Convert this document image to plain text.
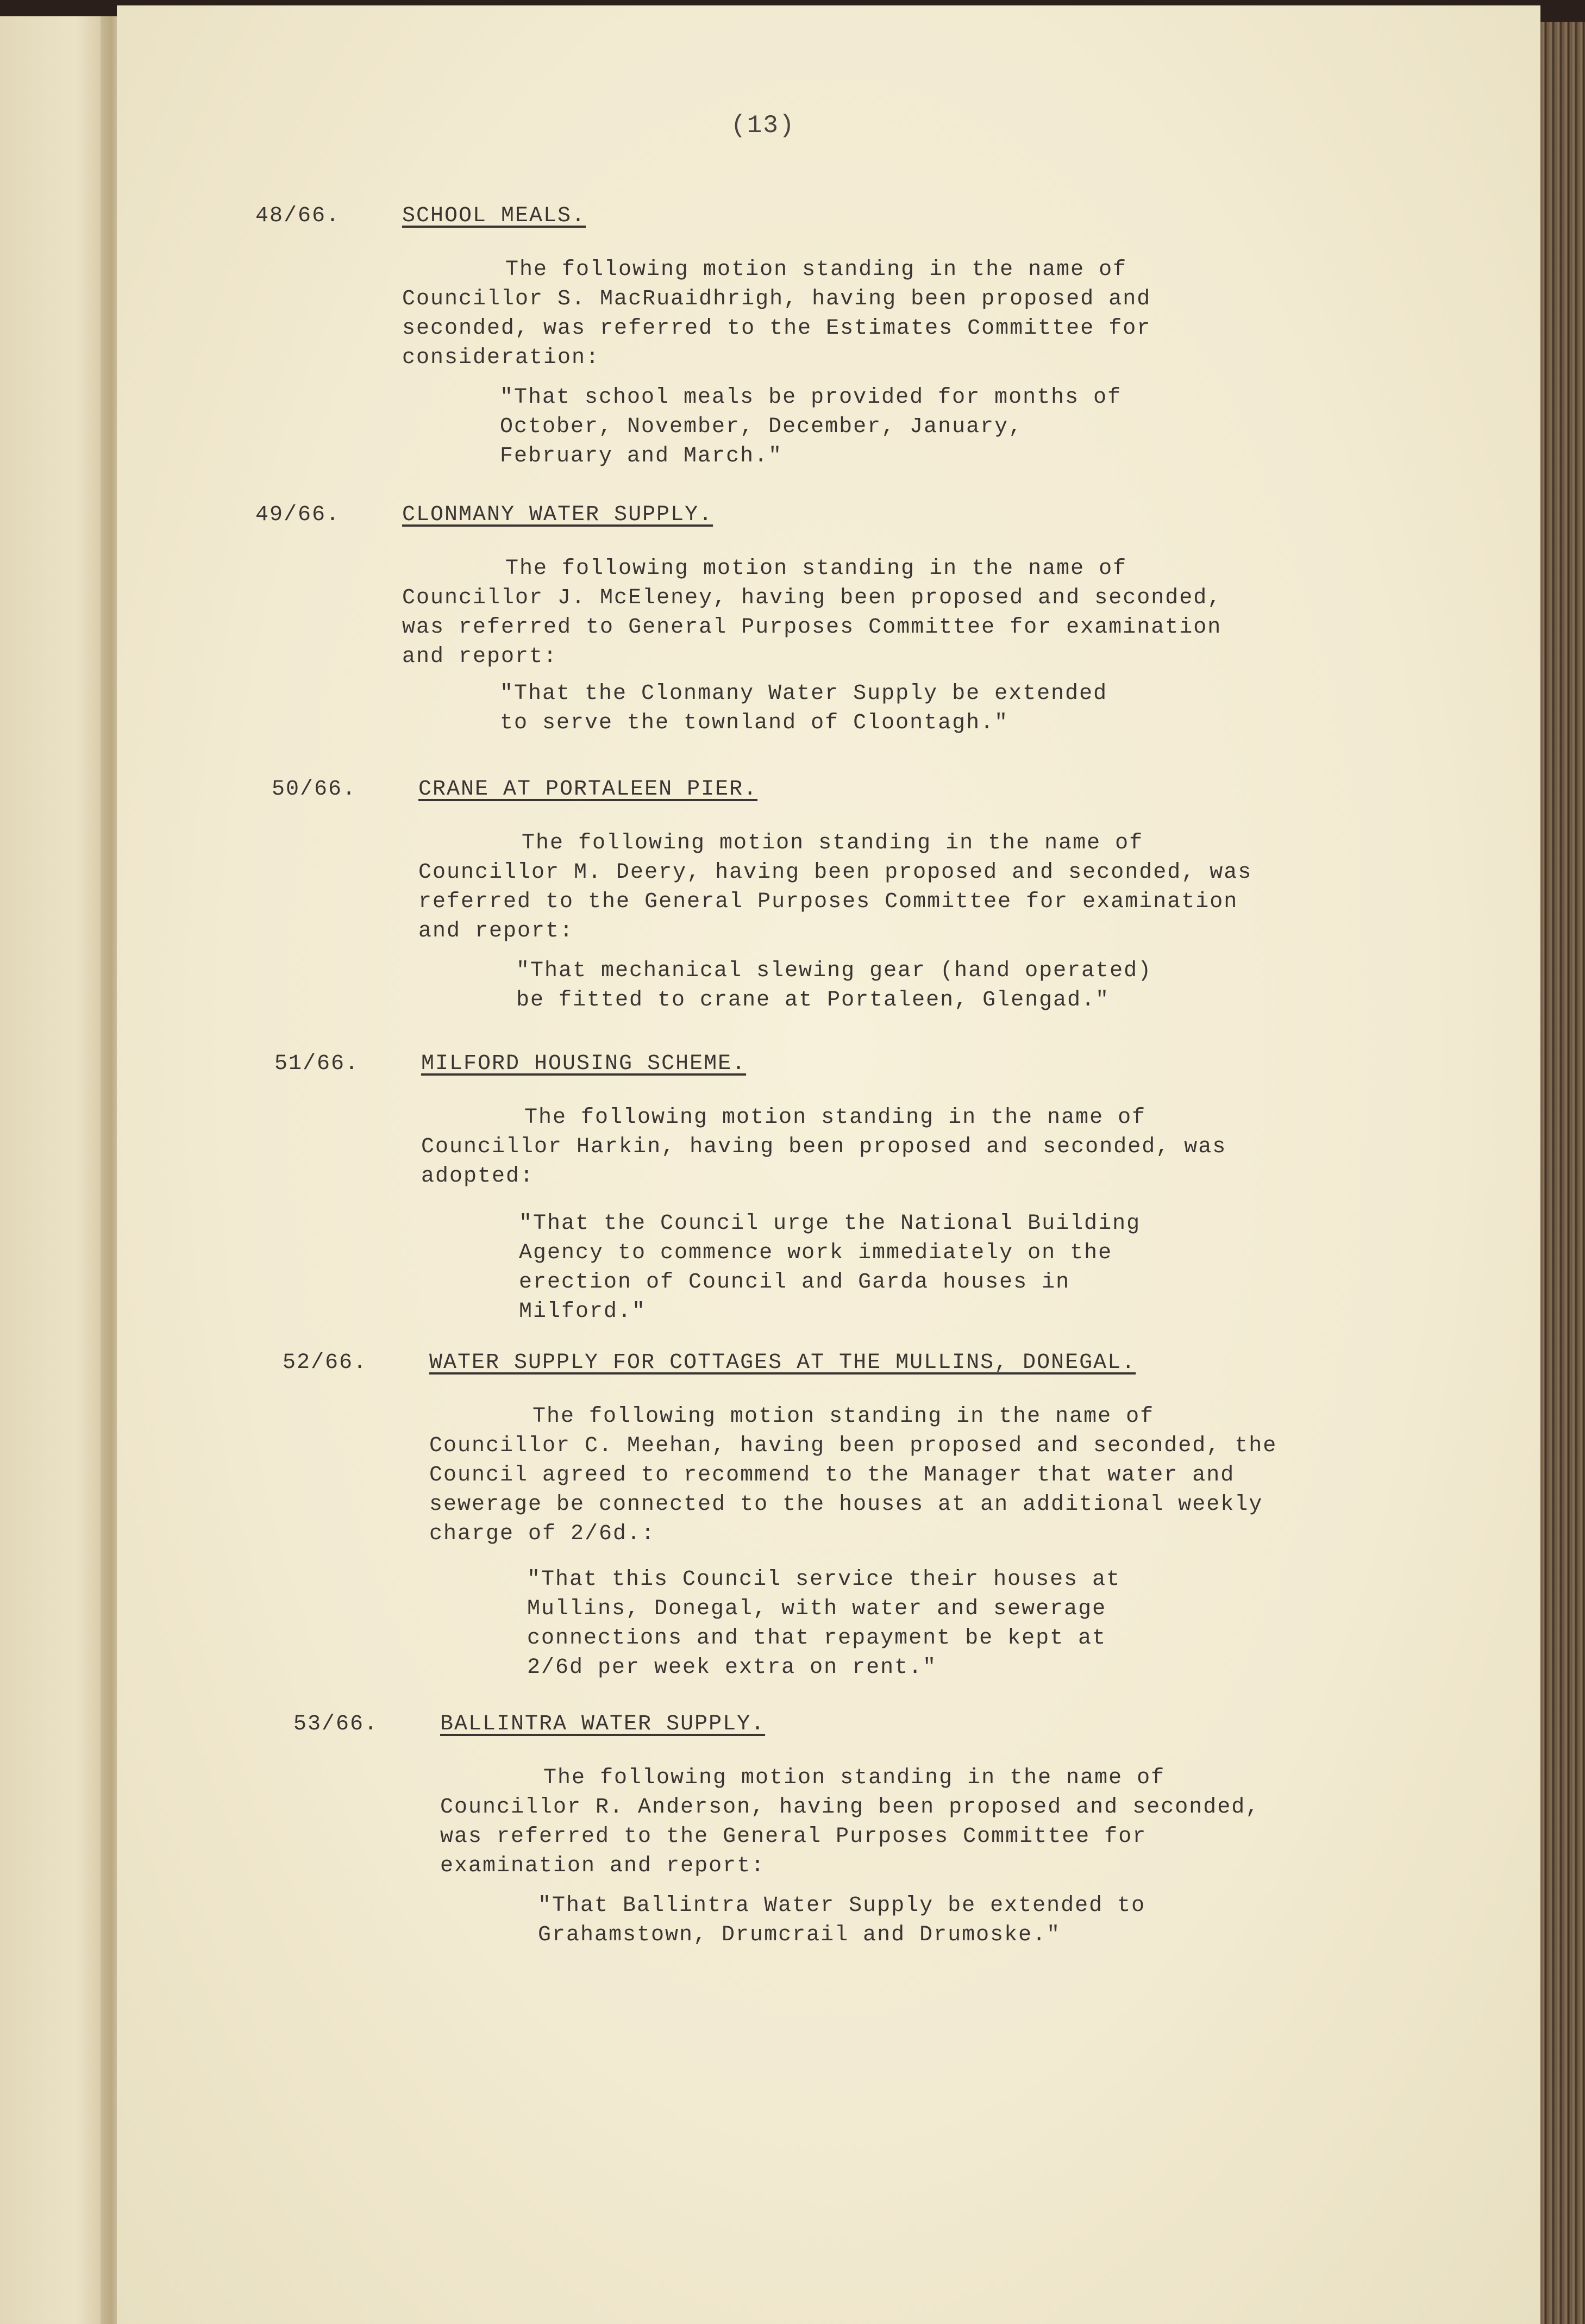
(13)
48/66.	SCHOOL MEALS.

The following motion standing in the name of Councillor S. MacRuaidhrigh, having been proposed and seconded, was referred to the Estimates Committee for consideration:

"That school meals be provided for months of October, November, December, January, February and March."

49/66.	CLONMANY WATER SUPPLY.

The following motion standing in the name of Councillor J. McEleney, having been proposed and seconded, was referred to General Purposes Committee for examination and report:

"That the Clonmany Water Supply be extended to serve the townland of Cloontagh."

50/66.	CRANE AT PORTALEEN PIER.

The following motion standing in the name of Councillor M. Deery, having been proposed and seconded, was referred to the General Purposes Committee for examination and report:

"That mechanical slewing gear (hand operated) be fitted to crane at Portaleen, Glengad."

51/66.	MILFORD HOUSING SCHEME.

The following motion standing in the name of Councillor Harkin, having been proposed and seconded, was adopted:

"That the Council urge the National Building Agency to commence work immediately on the erection of Council and Garda houses in Milford."

52/66.	WATER SUPPLY FOR COTTAGES AT THE MULLINS, DONEGAL.

The following motion standing in the name of Councillor C. Meehan, having been proposed and seconded, the Council agreed to recommend to the Manager that water and sewerage be connected to the houses at an additional weekly charge of 2/6d.:

"That this Council service their houses at Mullins, Donegal, with water and sewerage connections and that repayment be kept at 2/6d per week extra on rent."

53/66.	BALLINTRA WATER SUPPLY.

The following motion standing in the name of Councillor R. Anderson, having been proposed and seconded, was referred to the General Purposes Committee for examination and report:

"That Ballintra Water Supply be extended to Grahamstown, Drumcrail and Drumoske."
